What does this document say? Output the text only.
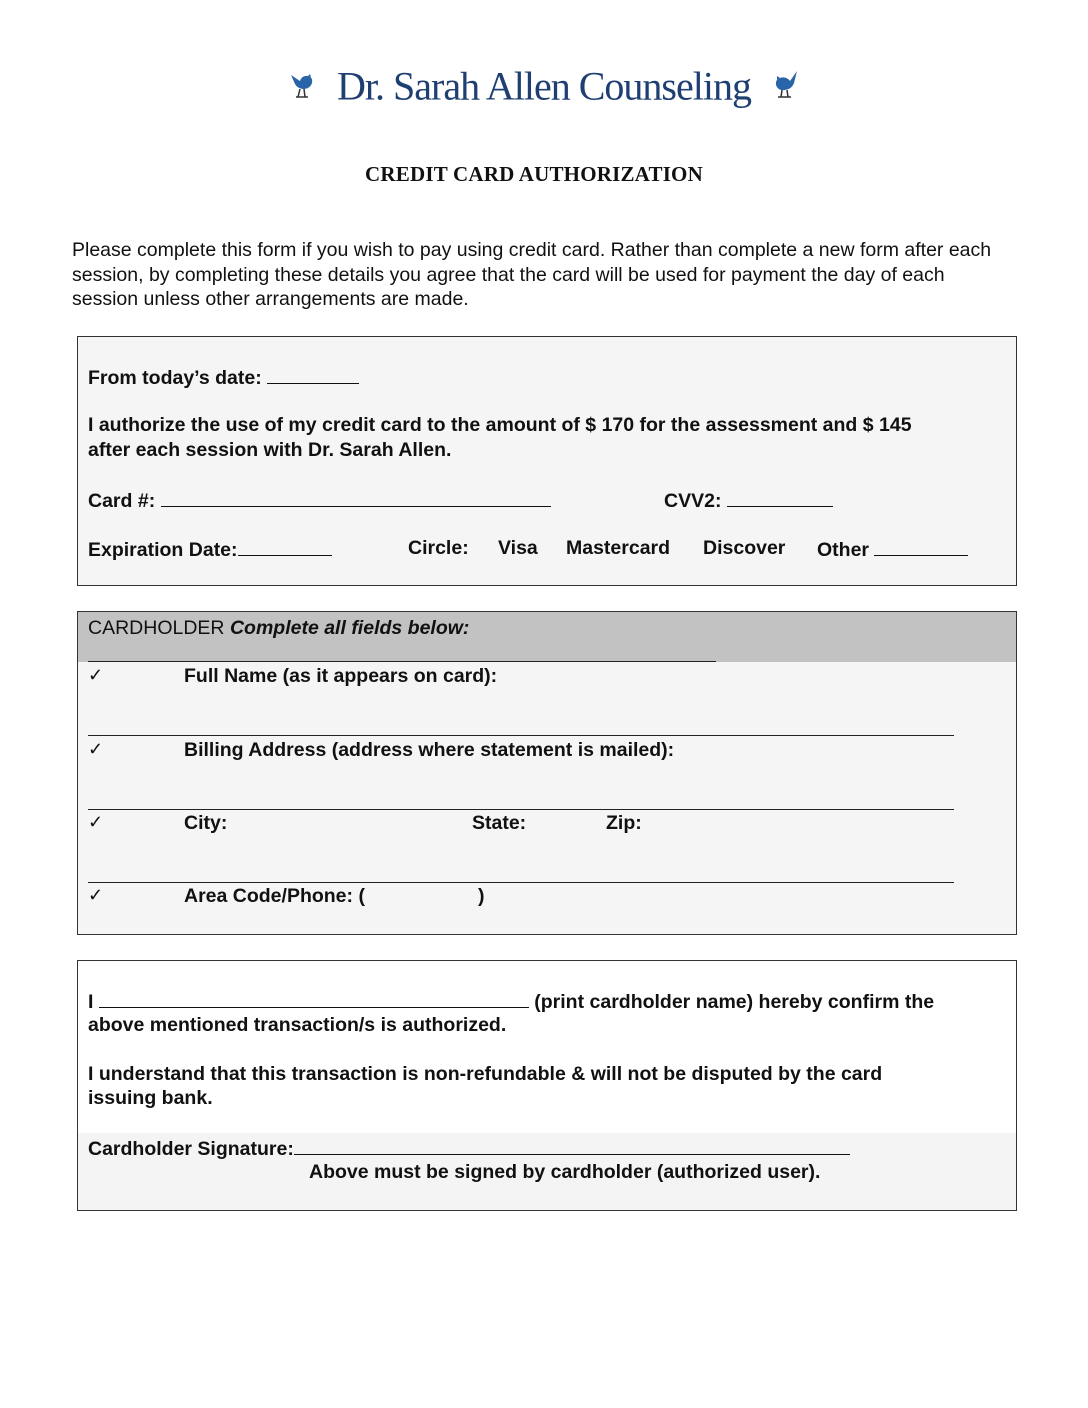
Dr. Sarah Allen Counseling
CREDIT CARD AUTHORIZATION
Please complete this form if you wish to pay using credit card. Rather than complete a new form after each session, by completing these details you agree that the card will be used for payment the day of each session unless other arrangements are made.
From today’s date:
I authorize the use of my credit card to the amount of $ 170 for the assessment and $ 145
after each session with Dr. Sarah Allen.
Card #:	CVV2:
Expiration Date:	Circle: Visa Mastercard Discover Other
CARDHOLDER Complete all fields below:
✓	Full Name (as it appears on card):
✓	Billing Address (address where statement is mailed):
✓	City:	State:	Zip:
✓	Area Code/Phone: (	)
I	(print cardholder name) hereby confirm the
above mentioned transaction/s is authorized.
I understand that this transaction is non-refundable & will not be disputed by the card
issuing bank.
Cardholder Signature:
Above must be signed by cardholder (authorized user).
